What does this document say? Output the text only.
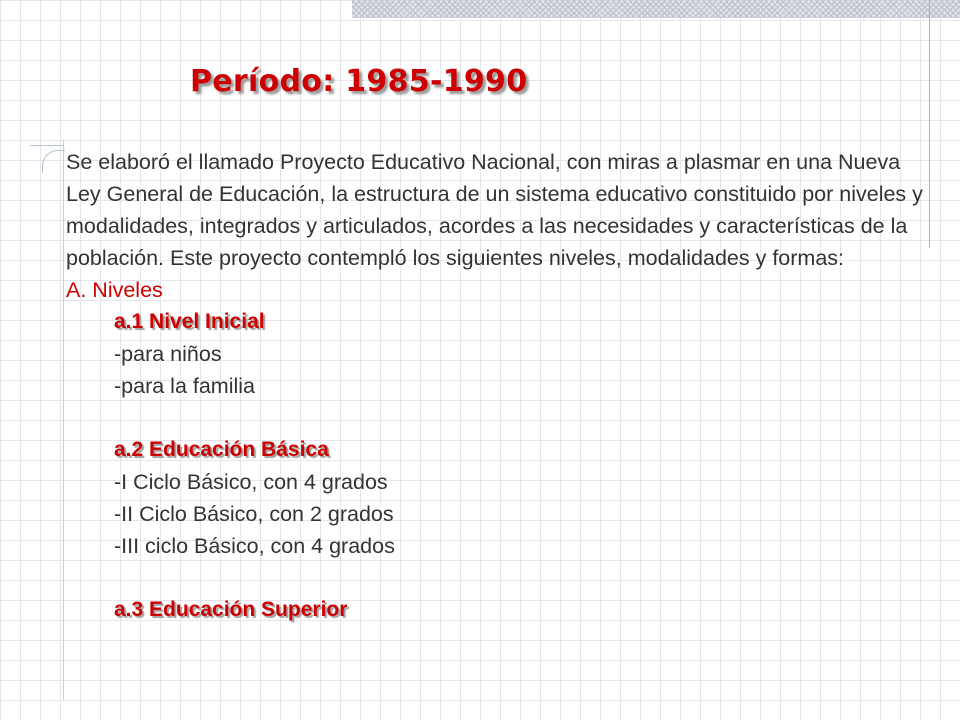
Período: 1985-1990

Se elaboró el llamado Proyecto Educativo Nacional, con miras a plasmar en una Nueva Ley General de Educación, la estructura de un sistema educativo constituido por niveles y modalidades, integrados y articulados, acordes a las necesidades y características de la población. Este proyecto contempló los siguientes niveles, modalidades y formas:

A. Niveles

a.1 Nivel Inicial

-para niños

-para la familia

a.2 Educación Básica

-I Ciclo Básico, con 4 grados

-II Ciclo Básico, con 2 grados

-III ciclo Básico, con 4 grados

a.3 Educación Superior
